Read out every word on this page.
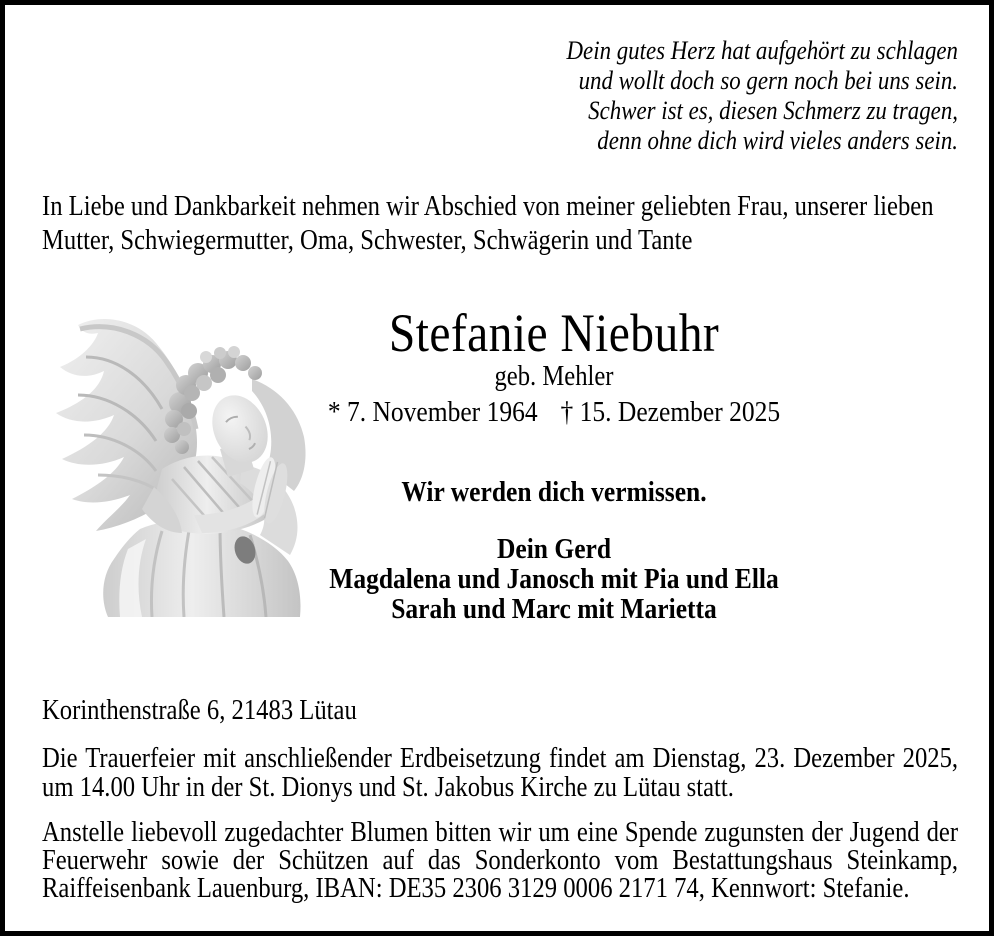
Dein gutes Herz hat aufgehört zu schlagen
und wollt doch so gern noch bei uns sein.
Schwer ist es, diesen Schmerz zu tragen,
denn ohne dich wird vieles anders sein.
In Liebe und Dankbarkeit nehmen wir Abschied von meiner geliebten Frau, unserer lieben Mutter, Schwiegermutter, Oma, Schwester, Schwägerin und Tante
Stefanie Niebuhr
geb. Mehler
* 7. November 1964 † 15. Dezember 2025
Wir werden dich vermissen.
Dein Gerd
Magdalena und Janosch mit Pia und Ella
Sarah und Marc mit Marietta
Korinthenstraße 6, 21483 Lütau
Die Trauerfeier mit anschließender Erdbeisetzung findet am Dienstag, 23. Dezember 2025, um 14.00 Uhr in der St. Dionys und St. Jakobus Kirche zu Lütau statt.
Anstelle liebevoll zugedachter Blumen bitten wir um eine Spende zugunsten der Jugend der Feuerwehr sowie der Schützen auf das Sonderkonto vom Bestattungshaus Steinkamp, Raiffeisenbank Lauenburg, IBAN: DE35 2306 3129 0006 2171 74, Kennwort: Stefanie.
